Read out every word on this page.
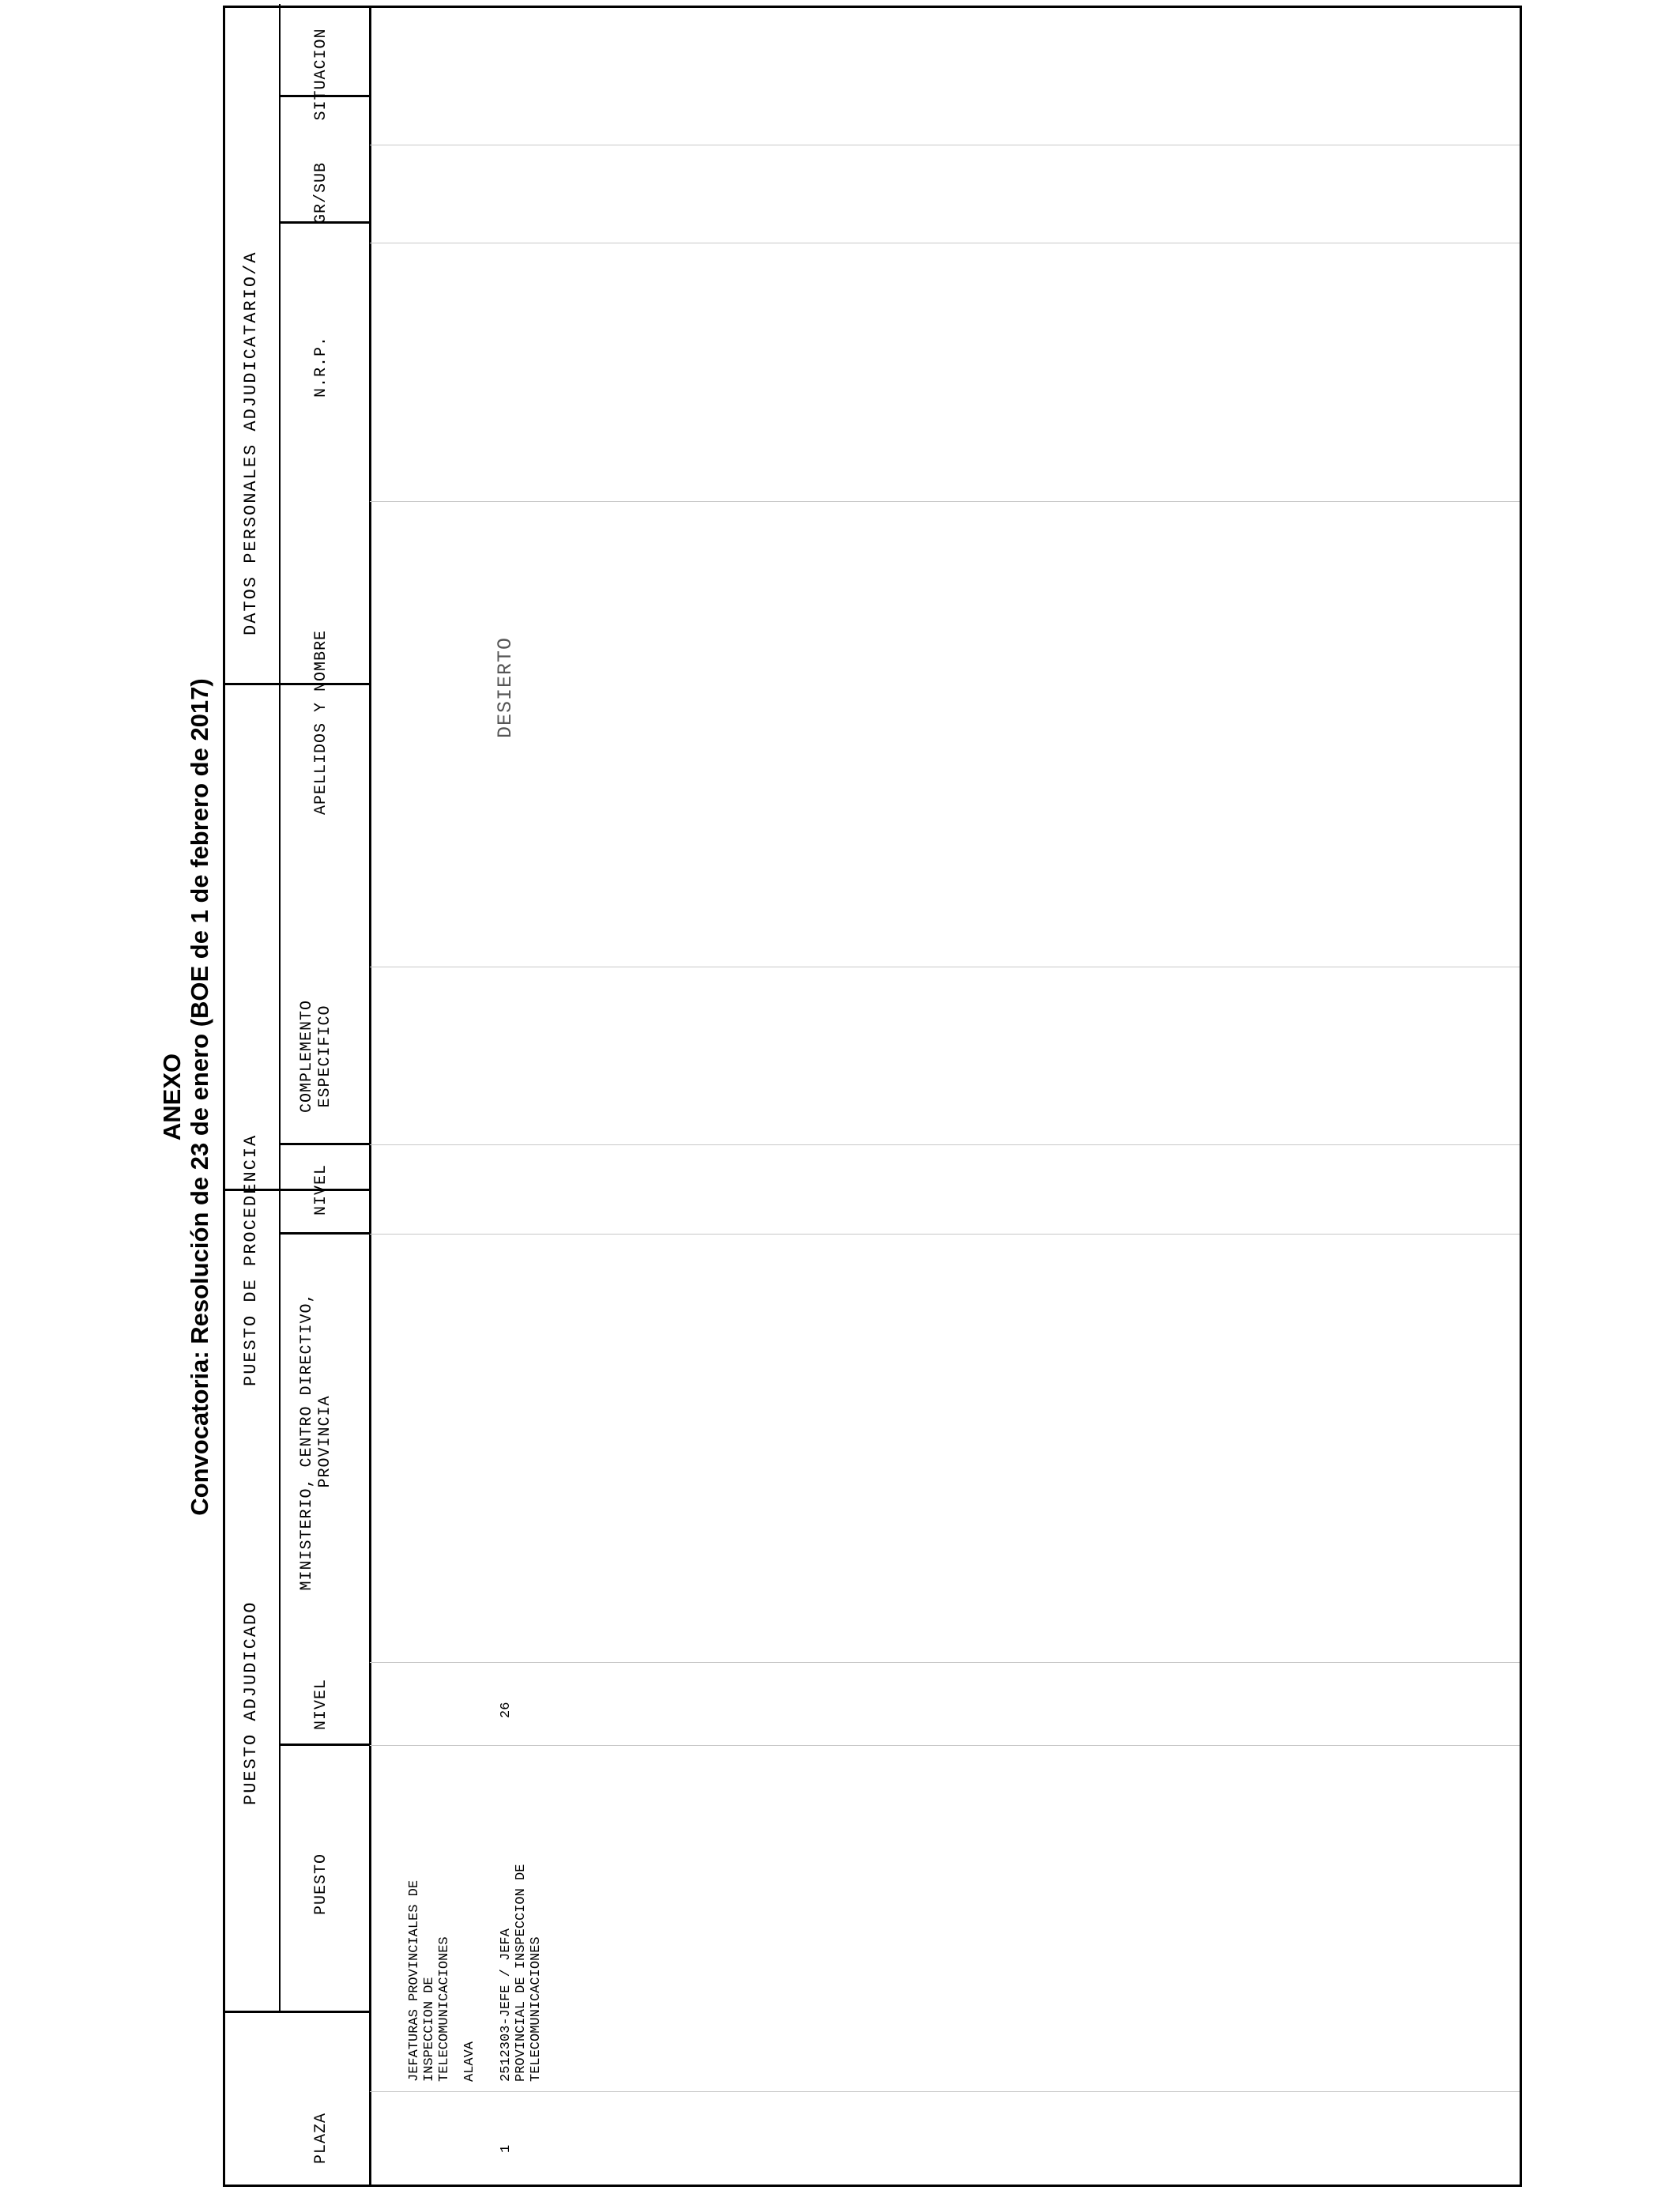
ANEXO Convocatoria: Resolución de 23 de enero (BOE de 1 de febrero de 2017)
PUESTO ADJUDICADO
PUESTO DE PROCEDENCIA
DATOS PERSONALES ADJUDICATARIO/A
PLAZA
PUESTO
NIVEL
MINISTERIO, CENTRO DIRECTIVO,
PROVINCIA
NIVEL
COMPLEMENTO
ESPECIFICO
APELLIDOS Y NOMBRE
N.R.P.
GR/SUB
SITUACION
JEFATURAS PROVINCIALES DE
INSPECCION DE
TELECOMUNICACIONES ALAVA
1
2512303-JEFE / JEFA
PROVINCIAL DE INSPECCION DE
TELECOMUNICACIONES
26
DESIERTO
